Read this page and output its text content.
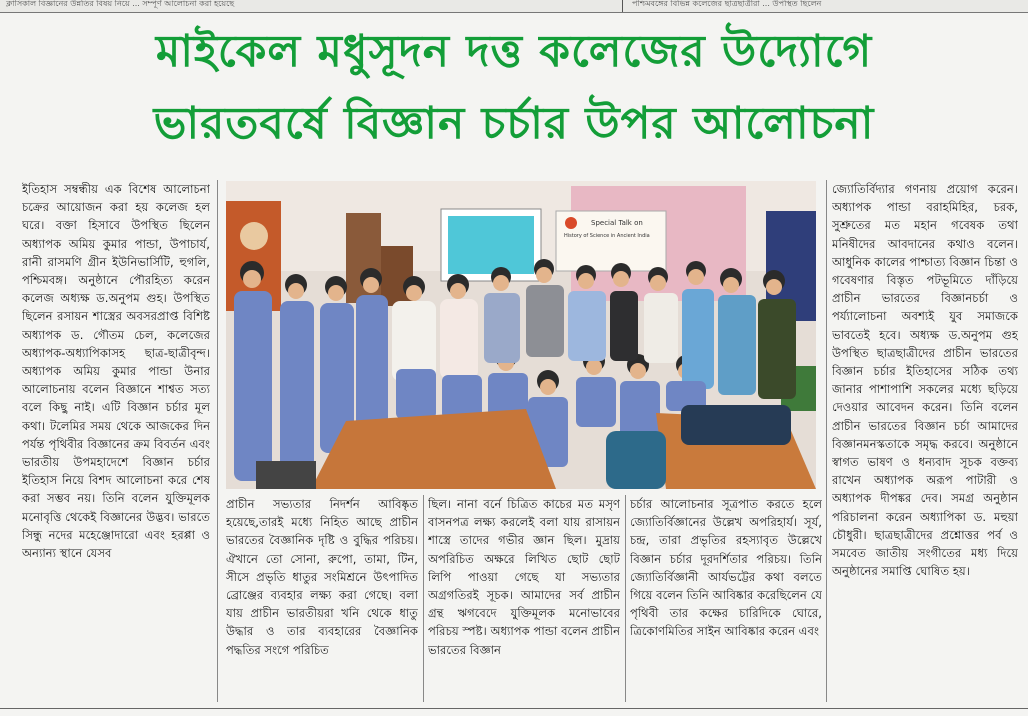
ক্লাসিকাল বিজ্ঞানের উন্নতির বিষয় নিয়ে ... সম্পূর্ণ আলোচনা করা হয়েছে	পশ্চিমবঙ্গের বিভিন্ন কলেজের ছাত্রছাত্রীরা ... উপস্থিত ছিলেন
মাইকেল মধুসূদন দত্ত কলেজের উদ্যোগে
ভারতবর্ষে বিজ্ঞান চর্চার উপর আলোচনা

ইতিহাস সম্বন্ধীয় এক বিশেষ আলোচনা চক্রের আয়োজন করা হয় কলেজ হল ঘরে। বক্তা হিসাবে উপস্থিত ছিলেন অধ্যাপক অমিয় কুমার পান্ডা, উপাচার্য, রানী রাসমণি গ্রীন ইউনিভার্সিটি, হুগলি, পশ্চিমবঙ্গ। অনুষ্ঠানে পৌরহিত্য করেন কলেজ অধ্যক্ষ ড.অনুপম গুহ। উপস্থিত ছিলেন রসায়ন শাস্ত্রের অবসরপ্রাপ্ত বিশিষ্ট অধ্যাপক ড. গৌতম চেল, কলেজের অধ্যাপক-অধ্যাপিকাসহ ছাত্র-ছাত্রীবৃন্দ। অধ্যাপক অমিয় কুমার পান্ডা উনার আলোচনায় বলেন বিজ্ঞানে শাশ্বত সত্য বলে কিছু নাই। এটি বিজ্ঞান চর্চার মূল কথা। টলেমির সময় থেকে আজকের দিন পর্যন্ত পৃথিবীর বিজ্ঞানের ক্রম বিবর্তন এবং ভারতীয় উপমহাদেশে বিজ্ঞান চর্চার ইতিহাস নিয়ে বিশদ আলোচনা করে শেষ করা সম্ভব নয়। তিনি বলেন যুক্তিমূলক মনোবৃত্তি থেকেই বিজ্ঞানের উদ্ভব। ভারতে সিন্ধু নদের মহেঞ্জোদারো এবং হরপ্পা ও অন্যান্য স্থানে যেসব

Special Talk on
History of Science in Ancient India

প্রাচীন সভ্যতার নিদর্শন আবিষ্কৃত হয়েছে,তারই মধ্যে নিহিত আছে প্রাচীন ভারতের বৈজ্ঞানিক দৃষ্টি ও বুদ্ধির পরিচয়। ঐখানে তো সোনা, রুপো, তামা, টিন, সীসে প্রভৃতি ধাতুর সংমিশ্রনে উৎপাদিত ব্রোঞ্জের ব্যবহার লক্ষ্য করা গেছে। বলা যায় প্রাচীন ভারতীয়রা খনি থেকে ধাতু উদ্ধার ও তার ব্যবহারের বৈজ্ঞানিক পদ্ধতির সংগে পরিচিত

ছিল। নানা বর্নে চিত্রিত কাচের মত মসৃণ বাসনপত্র লক্ষ্য করলেই বলা যায় রাসায়ন শাস্ত্রে তাদের গভীর জ্ঞান ছিল। মুদ্রায় অপরিচিত অক্ষরে লিখিত ছোট ছোট লিপি পাওয়া গেছে যা সভ্যতার অগ্রগতিরই সূচক। আমাদের সর্ব প্রাচীন গ্রন্থ ঋগবেদে যুক্তিমূলক মনোভাবের পরিচয় স্পষ্ট। অধ্যাপক পান্ডা বলেন প্রাচীন ভারতের বিজ্ঞান

চর্চার আলোচনার সূত্রপাত করতে হলে জ্যোতির্বিজ্ঞানের উল্লেখ অপরিহার্য। সূর্য, চন্দ্র, তারা প্রভৃতির রহস্যাবৃত উল্লেখে বিজ্ঞান চর্চার দূরদর্শিতার পরিচয়। তিনি জ্যোতির্বিজ্ঞানী আর্যভট্টের কথা বলতে গিয়ে বলেন তিনি আবিষ্কার করেছিলেন যে পৃথিবী তার কক্ষের চারিদিকে ঘোরে, ত্রিকোণমিতির সাইন আবিষ্কার করেন এবং

জ্যোতির্বিদ্যার গণনায় প্রয়োগ করেন। অধ্যাপক পান্ডা বরাহমিহির, চরক, সুশ্রুতের মত মহান গবেষক তথা মনিষীদের আবদানের কথাও বলেন। আধুনিক কালের পাশ্চাত্য বিজ্ঞান চিন্তা ও গবেষণার বিস্তৃত পটভূমিতে দাঁড়িয়ে প্রাচীন ভারতের বিজ্ঞানচর্চা ও পর্য্যালোচনা অবশ্যই যুব সমাজকে ভাবতেই হবে। অধ্যক্ষ ড.অনুপম গুহ উপস্থিত ছাত্রছাত্রীদের প্রাচীন ভারতের বিজ্ঞান চর্চার ইতিহাসের সঠিক তথ্য জানার পাশাপাশি সকলের মধ্যে ছড়িয়ে দেওয়ার আবেদন করেন। তিনি বলেন প্রাচীন ভারতের বিজ্ঞান চর্চা আমাদের বিজ্ঞানমনস্কতাকে সমৃদ্ধ করবে। অনুষ্ঠানে স্বাগত ভাষণ ও ধন্যবাদ সূচক বক্তব্য রাখেন অধ্যাপক অরূপ পাটারী ও অধ্যাপক দীপঙ্কর দেব। সমগ্র অনুষ্ঠান পরিচালনা করেন অধ্যাপিকা ড. মহুয়া চৌধুরী। ছাত্রছাত্রীদের প্রশ্নোত্তর পর্ব ও সমবেত জাতীয় সংগীতের মধ্য দিয়ে অনুষ্ঠানের সমাপ্তি ঘোষিত হয়।
